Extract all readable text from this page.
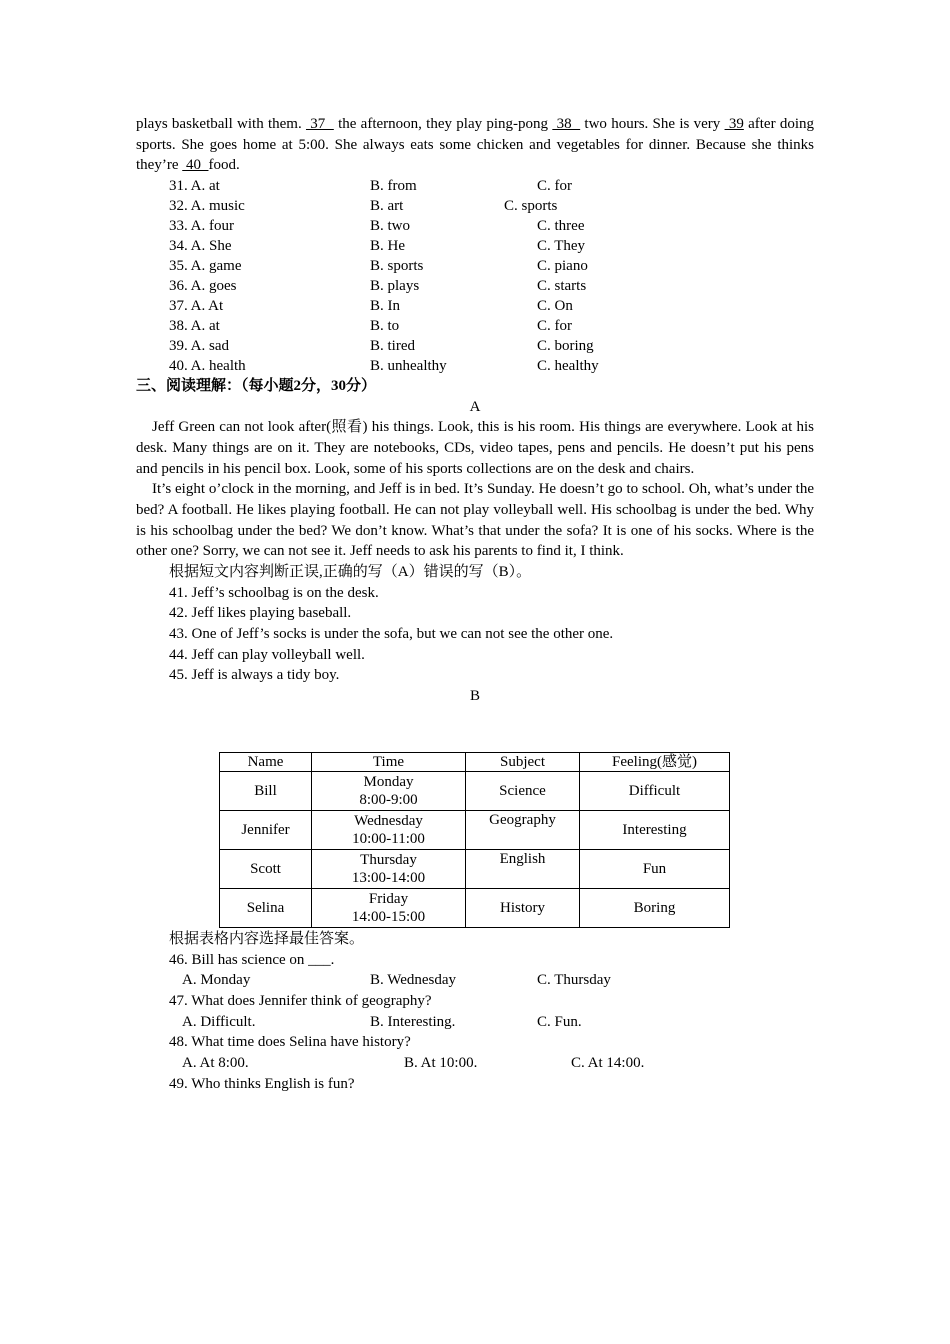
plays basketball with them.  37   the afternoon, they play ping-pong  38   two hours. She is very  39 after doing sports. She goes home at 5:00. She always eats some chicken and vegetables for dinner. Because she thinks they’re  40  food.

31. A. at	B. from	C. for
32. A. music	B. art	C. sports
33. A. four	B. two	C. three
34. A. She	B. He	C. They
35. A. game	B. sports	C. piano
36. A. goes	B. plays	C. starts
37. A. At	B. In	C. On
38. A. at	B. to	C. for
39. A. sad	B. tired	C. boring
40. A. health	B. unhealthy	C. healthy
三、阅读理解：（每小题2分，30分）
A

Jeff Green can not look after(照看) his things. Look, this is his room. His things are everywhere. Look at his desk. Many things are on it. They are notebooks, CDs, video tapes, pens and pencils. He doesn’t put his pens and pencils in his pencil box. Look, some of his sports collections are on the desk and chairs.

It’s eight o’clock in the morning, and Jeff is in bed. It’s Sunday. He doesn’t go to school. Oh, what’s under the bed? A football. He likes playing football. He can not play volleyball well. His schoolbag is under the bed. Why is his schoolbag under the bed? We don’t know. What’s that under the sofa? It is one of his socks. Where is the other one? Sorry, we can not see it. Jeff needs to ask his parents to find it, I think.

根据短文内容判断正误,正确的写（A）错误的写（B）。
41. Jeff’s schoolbag is on the desk.
42. Jeff likes playing baseball.
43. One of Jeff’s socks is under the sofa, but we can not see the other one.
44. Jeff can play volleyball well.
45. Jeff is always a tidy boy.
B
Name	Time	Subject	Feeling(感觉)
Bill	Monday
8:00-9:00	Science	Difficult
Jennifer	Wednesday
10:00-11:00	Geography	Interesting
Scott	Thursday
13:00-14:00	English	Fun
Selina	Friday
14:00-15:00	History	Boring
根据表格内容选择最佳答案。
46. Bill has science on ___.
A. Monday	B. Wednesday	C. Thursday
47. What does Jennifer think of geography?
A. Difficult.	B. Interesting.	C. Fun.
48. What time does Selina have history?
A. At 8:00.	B. At 10:00.	C. At 14:00.
49. Who thinks English is fun?
